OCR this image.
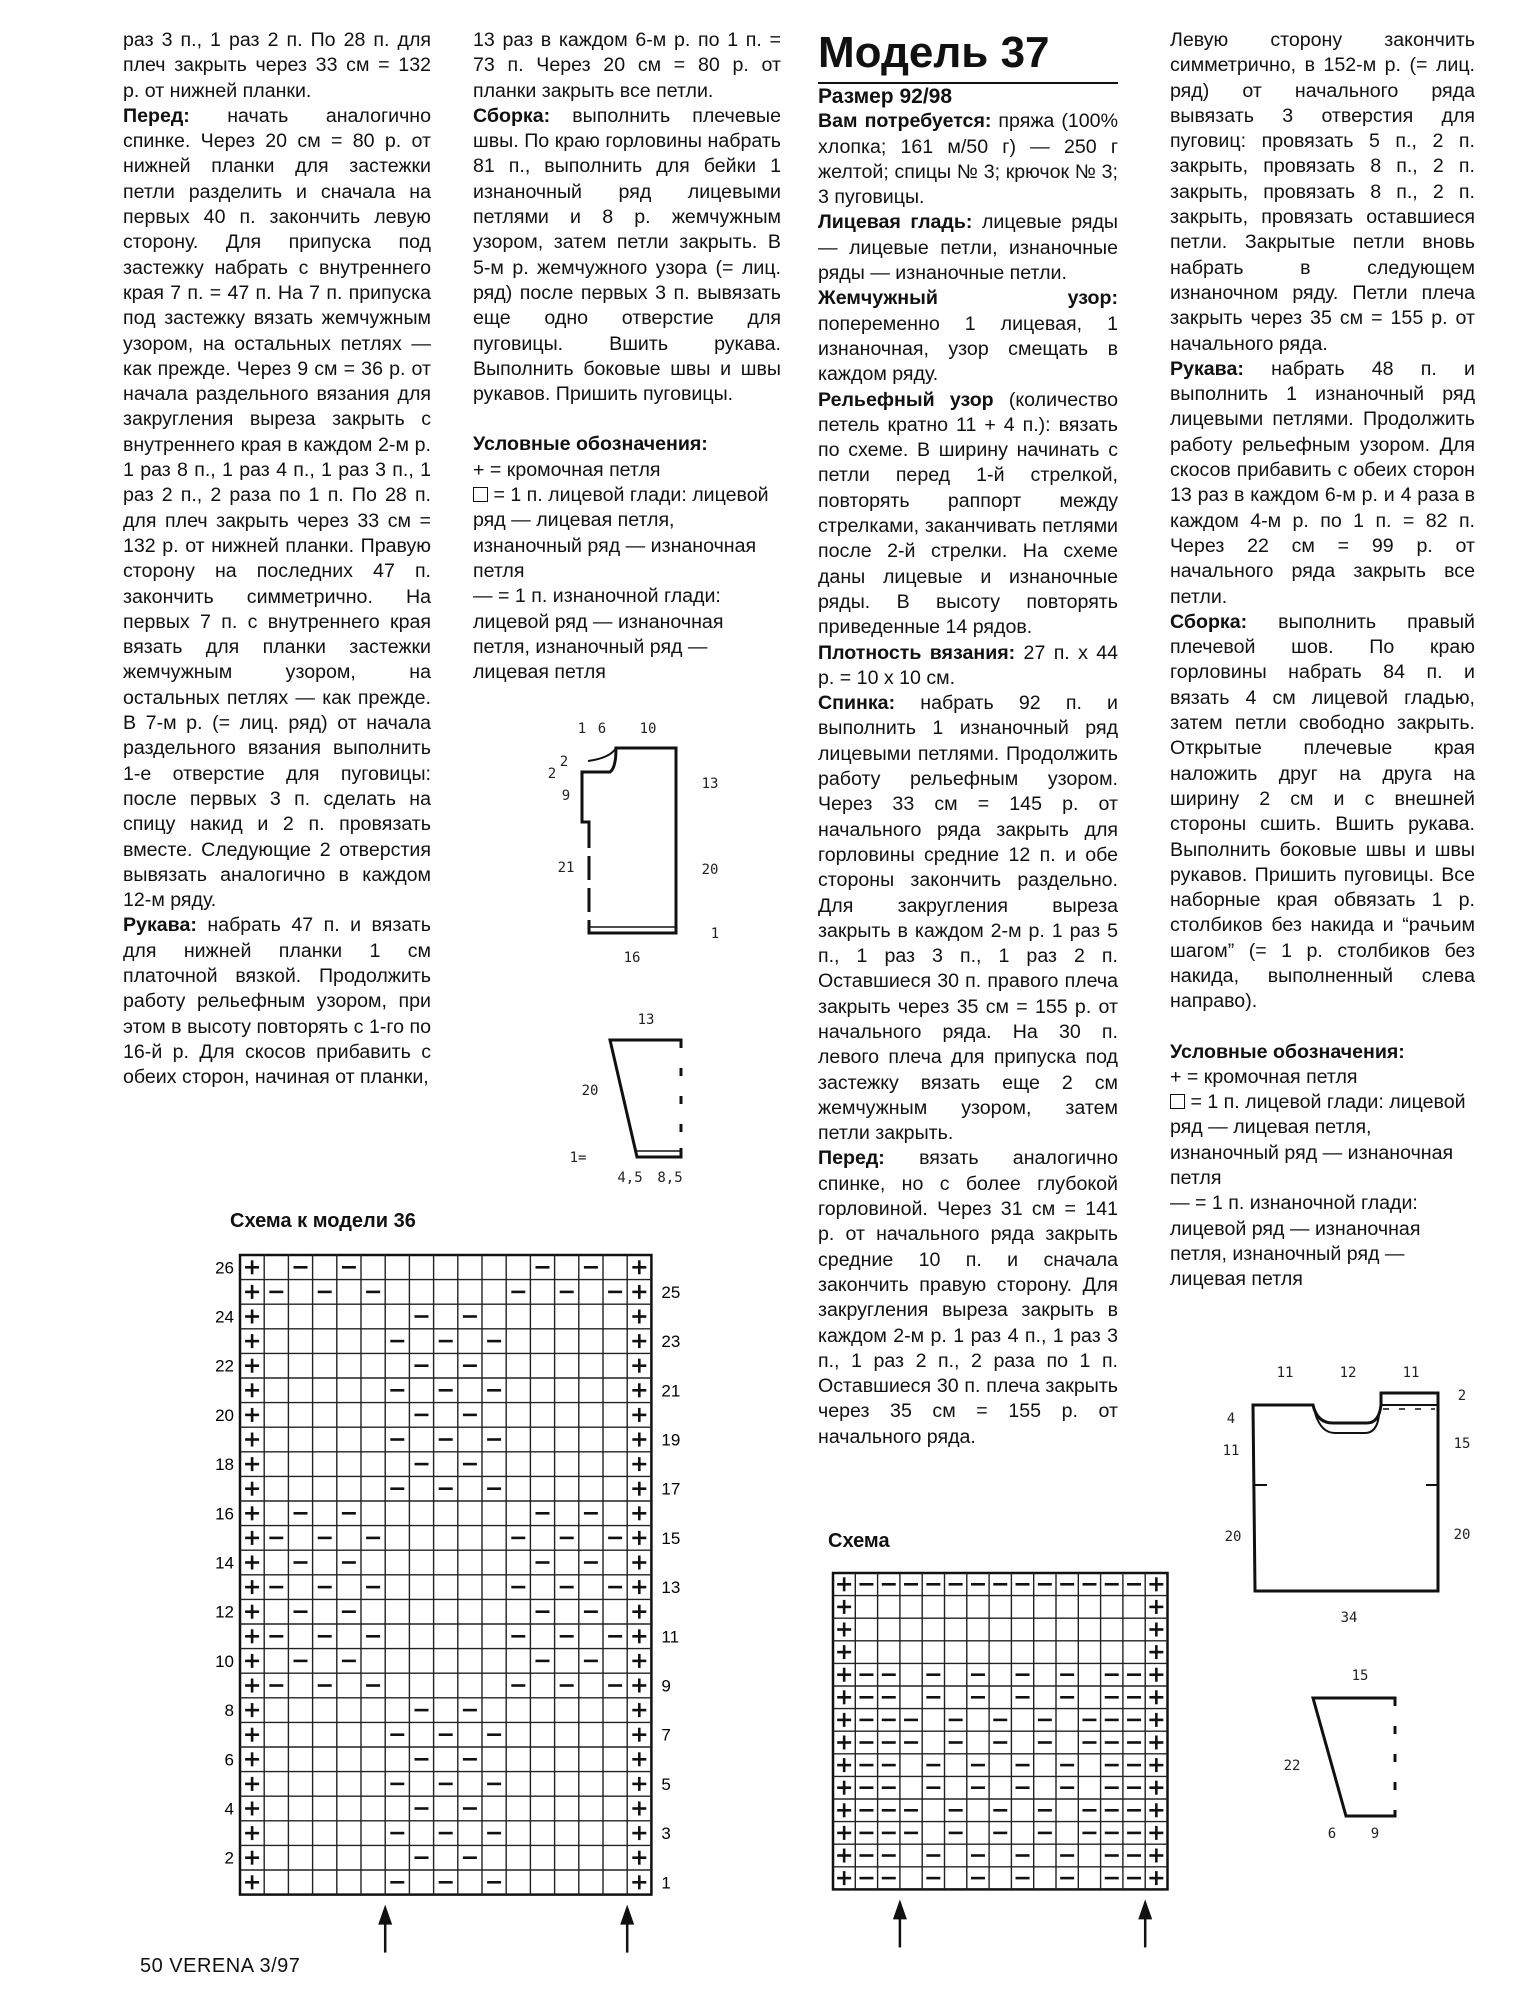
раз 3 п., 1 раз 2 п. По 28 п. для плеч закрыть через 33 см = 132 р. от нижней планки.

Перед: начать аналогично спинке. Через 20 см = 80 р. от нижней планки для застежки петли разделить и сначала на первых 40 п. закончить левую сторону. Для припуска под застежку набрать с внутреннего края 7 п. = 47 п. На 7 п. припуска под застежку вязать жемчужным узором, на остальных петлях — как прежде. Через 9 см = 36 р. от начала раздельного вязания для закругления выреза закрыть с внутреннего края в каждом 2-м р. 1 раз 8 п., 1 раз 4 п., 1 раз 3 п., 1 раз 2 п., 2 раза по 1 п. По 28 п. для плеч закрыть через 33 см = 132 р. от нижней планки. Правую сторону на последних 47 п. закончить симметрично. На первых 7 п. с внутреннего края вязать для планки застежки жемчужным узором, на остальных петлях — как прежде. В 7-м р. (= лиц. ряд) от начала раздельного вязания выполнить 1-е отверстие для пуговицы: после первых 3 п. сделать на спицу накид и 2 п. провязать вместе. Следующие 2 отверстия вывязать аналогично в каждом 12-м ряду.

Рукава: набрать 47 п. и вязать для нижней планки 1 см платочной вязкой. Продолжить работу рельефным узором, при этом в высоту повторять с 1-го по 16-й р. Для скосов прибавить с обеих сторон, начиная от планки,

13 раз в каждом 6-м р. по 1 п. = 73 п. Через 20 см = 80 р. от планки закрыть все петли.

Сборка: выполнить плечевые швы. По краю горловины набрать 81 п., выполнить для бейки 1 изнаночный ряд лицевыми петлями и 8 р. жемчужным узором, затем петли закрыть. В 5-м р. жемчужного узора (= лиц. ряд) после первых 3 п. вывязать еще одно отверстие для пуговицы. Вшить рукава. Выполнить боковые швы и швы рукавов. Пришить пуговицы.

Условные обозначения:

+ = кромочная петля

= 1 п. лицевой глади: лицевой ряд — лицевая петля, изнаночный ряд — изнаночная петля

— = 1 п. изнаночной глади: лицевой ряд — изнаночная петля, изнаночный ряд — лицевая петля

1 6 10
2
2
9
21
13
20
1
16
13
20
1=
4,5 8,5
Модель 37

Размер 92/98

Вам потребуется: пряжа (100% хлопка; 161 м/50 г) — 250 г желтой; спицы № 3; крючок № 3; 3 пуговицы.

Лицевая гладь: лицевые ряды — лицевые петли, изнаночные ряды — изнаночные петли.

Жемчужный узор: попеременно 1 лицевая, 1 изнаночная, узор смещать в каждом ряду.

Рельефный узор (количество петель кратно 11 + 4 п.): вязать по схеме. В ширину начинать с петли перед 1-й стрелкой, повторять раппорт между стрелками, заканчивать петлями после 2-й стрелки. На схеме даны лицевые и изнаночные ряды. В высоту повторять приведенные 14 рядов.

Плотность вязания: 27 п. х 44 р. = 10 х 10 см.

Спинка: набрать 92 п. и выполнить 1 изнаночный ряд лицевыми петлями. Продолжить работу рельефным узором. Через 33 см = 145 р. от начального ряда закрыть для горловины средние 12 п. и обе стороны закончить раздельно. Для закругления выреза закрыть в каждом 2-м р. 1 раз 5 п., 1 раз 3 п., 1 раз 2 п. Оставшиеся 30 п. правого плеча закрыть через 35 см = 155 р. от начального ряда. На 30 п. левого плеча для припуска под застежку вязать еще 2 см жемчужным узором, затем петли закрыть.

Перед: вязать аналогично спинке, но с более глубокой горловиной. Через 31 см = 141 р. от начального ряда закрыть средние 10 п. и сначала закончить правую сторону. Для закругления выреза закрыть в каждом 2-м р. 1 раз 4 п., 1 раз 3 п., 1 раз 2 п., 2 раза по 1 п. Оставшиеся 30 п. плеча закрыть через 35 см = 155 р. от начального ряда.

Левую сторону закончить симметрично, в 152-м р. (= лиц. ряд) от начального ряда вывязать 3 отверстия для пуговиц: провязать 5 п., 2 п. закрыть, провязать 8 п., 2 п. закрыть, провязать 8 п., 2 п. закрыть, провязать оставшиеся петли. Закрытые петли вновь набрать в следующем изнаночном ряду. Петли плеча закрыть через 35 см = 155 р. от начального ряда.

Рукава: набрать 48 п. и выполнить 1 изнаночный ряд лицевыми петлями. Продолжить работу рельефным узором. Для скосов прибавить с обеих сторон 13 раз в каждом 6-м р. и 4 раза в каждом 4-м р. по 1 п. = 82 п. Через 22 см = 99 р. от начального ряда закрыть все петли.

Сборка: выполнить правый плечевой шов. По краю горловины набрать 84 п. и вязать 4 см лицевой гладью, затем петли свободно закрыть. Открытые плечевые края наложить друг на друга на ширину 2 см и с внешней стороны сшить. Вшить рукава. Выполнить боковые швы и швы рукавов. Пришить пуговицы. Все наборные края обвязать 1 р. столбиков без накида и “рачьим шагом” (= 1 р. столбиков без накида, выполненный слева направо).

Условные обозначения:

+ = кромочная петля

= 1 п. лицевой глади: лицевой ряд — лицевая петля, изнаночный ряд — изнаночная петля

— = 1 п. изнаночной глади: лицевой ряд — изнаночная петля, изнаночный ряд — лицевая петля

11	12	11
4
11
20
2
15
20
34
15
22
6 9
Схема к модели 36
Схема
1
2
3
4
5
6
7
8
9
10
11
12
13
14
15
16
17
18
19
20
21
22
23
24
25
26
50 VERENA 3/97
